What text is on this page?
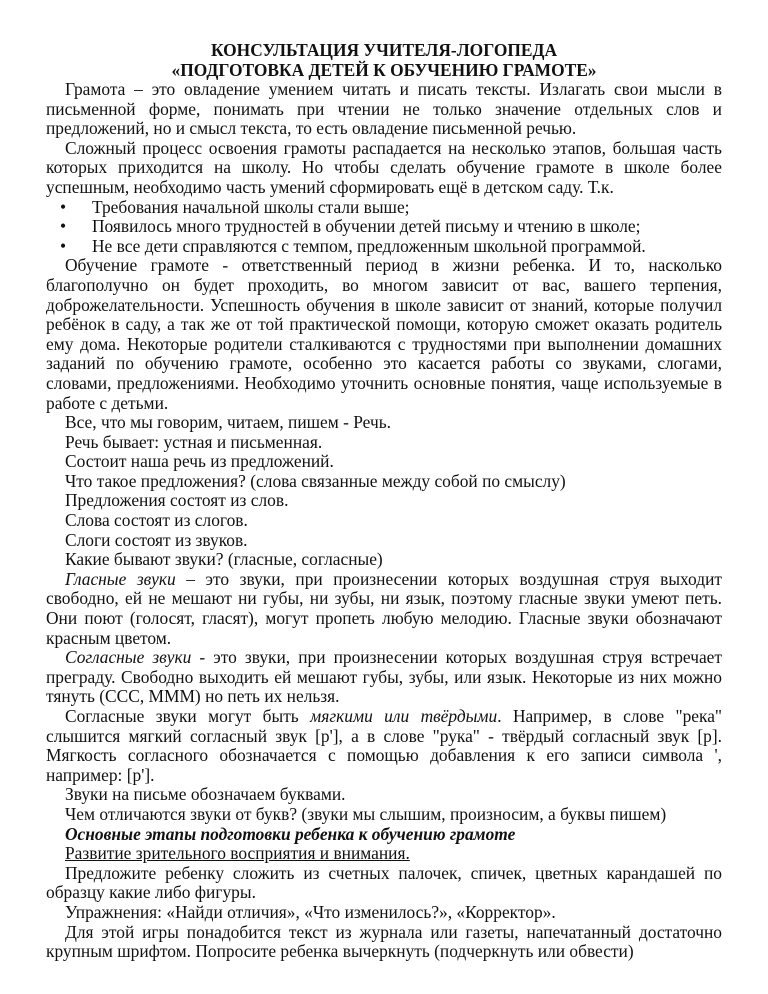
КОНСУЛЬТАЦИЯ УЧИТЕЛЯ-ЛОГОПЕДА

«ПОДГОТОВКА ДЕТЕЙ К ОБУЧЕНИЮ ГРАМОТЕ»

Грамота – это овладение умением читать и писать тексты. Излагать свои мысли в письменной форме, понимать при чтении не только значение отдельных слов и предложений, но и смысл текста, то есть овладение письменной речью.

Сложный процесс освоения грамоты распадается на несколько этапов, большая часть которых приходится на школу. Но чтобы сделать обучение грамоте в школе более успешным, необходимо часть умений сформировать ещё в детском саду. Т.к.

• Требования начальной школы стали выше;
• Появилось много трудностей в обучении детей письму и чтению в школе;
• Не все дети справляются с темпом, предложенным школьной программой.

Обучение грамоте - ответственный период в жизни ребенка. И то, насколько благополучно он будет проходить, во многом зависит от вас, вашего терпения, доброжелательности. Успешность обучения в школе зависит от знаний, которые получил ребёнок в саду, а так же от той практической помощи, которую сможет оказать родитель ему дома. Некоторые родители сталкиваются с трудностями при выполнении домашних заданий по обучению грамоте, особенно это касается работы со звуками, слогами, словами, предложениями. Необходимо уточнить основные понятия, чаще используемые в работе с детьми.

Все, что мы говорим, читаем, пишем - Речь.

Речь бывает: устная и письменная.

Состоит наша речь из предложений.

Что такое предложения? (слова связанные между собой по смыслу)

Предложения состоят из слов.

Слова состоят из слогов.

Слоги состоят из звуков.

Какие бывают звуки? (гласные, согласные)

Гласные звуки – это звуки, при произнесении которых воздушная струя выходит свободно, ей не мешают ни губы, ни зубы, ни язык, поэтому гласные звуки умеют петь. Они поют (голосят, гласят), могут пропеть любую мелодию. Гласные звуки обозначают красным цветом.

Согласные звуки - это звуки, при произнесении которых воздушная струя встречает преграду. Свободно выходить ей мешают губы, зубы, или язык. Некоторые из них можно тянуть (ССС, МММ) но петь их нельзя.

Согласные звуки могут быть мягкими или твёрдыми. Например, в слове "река" слышится мягкий согласный звук [р'], а в слове "рука" - твёрдый согласный звук [р]. Мягкость согласного обозначается с помощью добавления к его записи символа ', например: [р'].

Звуки на письме обозначаем буквами.

Чем отличаются звуки от букв? (звуки мы слышим, произносим, а буквы пишем)

Основные этапы подготовки ребенка к обучению грамоте

Развитие зрительного восприятия и внимания.

Предложите ребенку сложить из счетных палочек, спичек, цветных карандашей по образцу какие либо фигуры.

Упражнения: «Найди отличия», «Что изменилось?», «Корректор».

Для этой игры понадобится текст из журнала или газеты, напечатанный достаточно крупным шрифтом. Попросите ребенка вычеркнуть (подчеркнуть или обвести)
